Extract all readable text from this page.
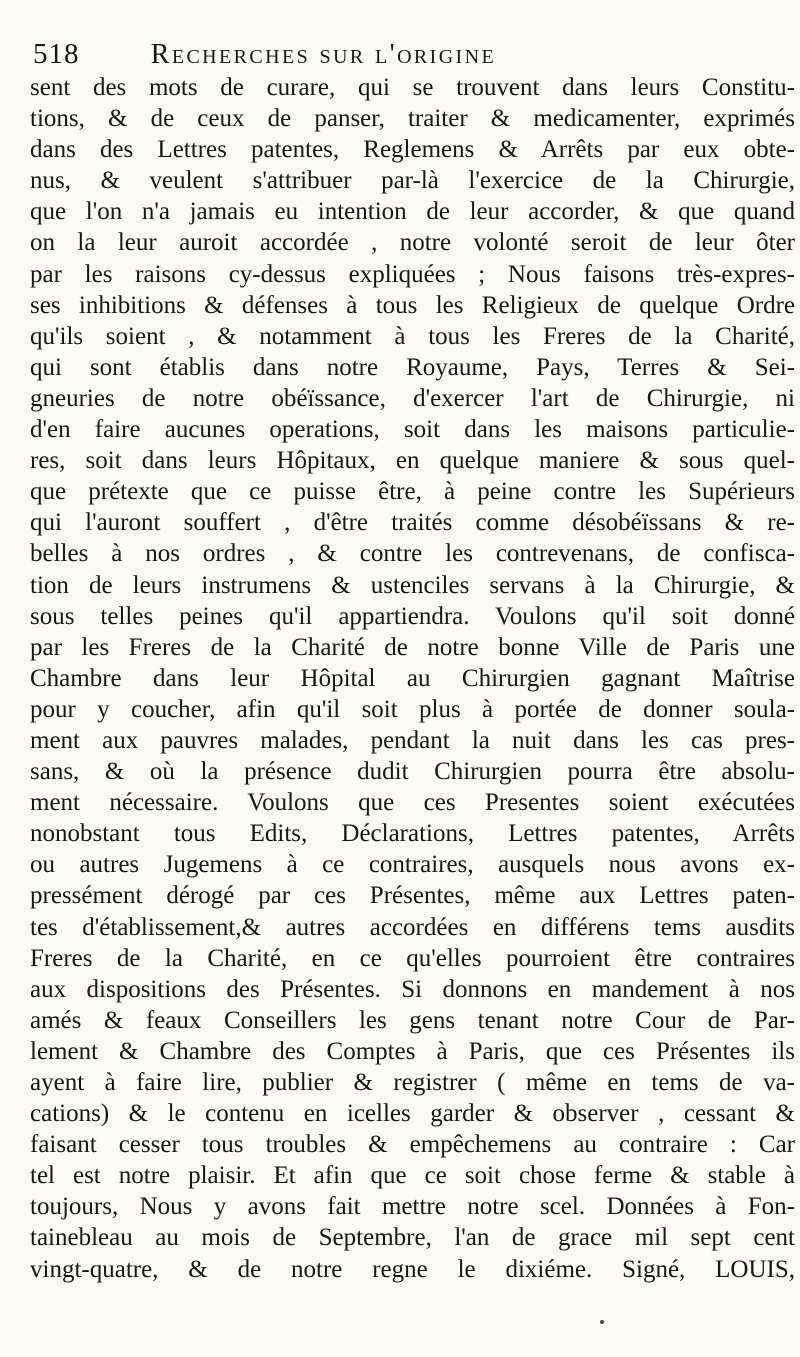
518	Recherches sur l'origine
sent des mots de curare, qui se trouvent dans leurs Constitu-
tions, & de ceux de panser, traiter & medicamenter, exprimés
dans des Lettres patentes, Reglemens & Arrêts par eux obte-
nus, & veulent s'attribuer par-là l'exercice de la Chirurgie,
que l'on n'a jamais eu intention de leur accorder, & que quand
on la leur auroit accordée , notre volonté seroit de leur ôter
par les raisons cy-dessus expliquées ; Nous faisons très-expres-
ses inhibitions & défenses à tous les Religieux de quelque Ordre
qu'ils soient , & notamment à tous les Freres de la Charité,
qui sont établis dans notre Royaume, Pays, Terres & Sei-
gneuries de notre obéïssance, d'exercer l'art de Chirurgie, ni
d'en faire aucunes operations, soit dans les maisons particulie-
res, soit dans leurs Hôpitaux, en quelque maniere & sous quel-
que prétexte que ce puisse être, à peine contre les Supérieurs
qui l'auront souffert , d'être traités comme désobéïssans & re-
belles à nos ordres , & contre les contrevenans, de confisca-
tion de leurs instrumens & ustenciles servans à la Chirurgie, &
sous telles peines qu'il appartiendra. Voulons qu'il soit donné
par les Freres de la Charité de notre bonne Ville de Paris une
Chambre dans leur Hôpital au Chirurgien gagnant Maîtrise
pour y coucher, afin qu'il soit plus à portée de donner soula-
ment aux pauvres malades, pendant la nuit dans les cas pres-
sans, & où la présence dudit Chirurgien pourra être absolu-
ment nécessaire. Voulons que ces Presentes soient exécutées
nonobstant tous Edits, Déclarations, Lettres patentes, Arrêts
ou autres Jugemens à ce contraires, ausquels nous avons ex-
pressément dérogé par ces Présentes, même aux Lettres paten-
tes d'établissement,& autres accordées en différens tems ausdits
Freres de la Charité, en ce qu'elles pourroient être contraires
aux dispositions des Présentes. Si donnons en mandement à nos
amés & feaux Conseillers les gens tenant notre Cour de Par-
lement & Chambre des Comptes à Paris, que ces Présentes ils
ayent à faire lire, publier & registrer ( même en tems de va-
cations) & le contenu en icelles garder & observer , cessant &
faisant cesser tous troubles & empêchemens au contraire : Car
tel est notre plaisir. Et afin que ce soit chose ferme & stable à
toujours, Nous y avons fait mettre notre scel. Données à Fon-
tainebleau au mois de Septembre, l'an de grace mil sept cent
vingt-quatre, & de notre regne le dixiéme. Signé, LOUIS,
